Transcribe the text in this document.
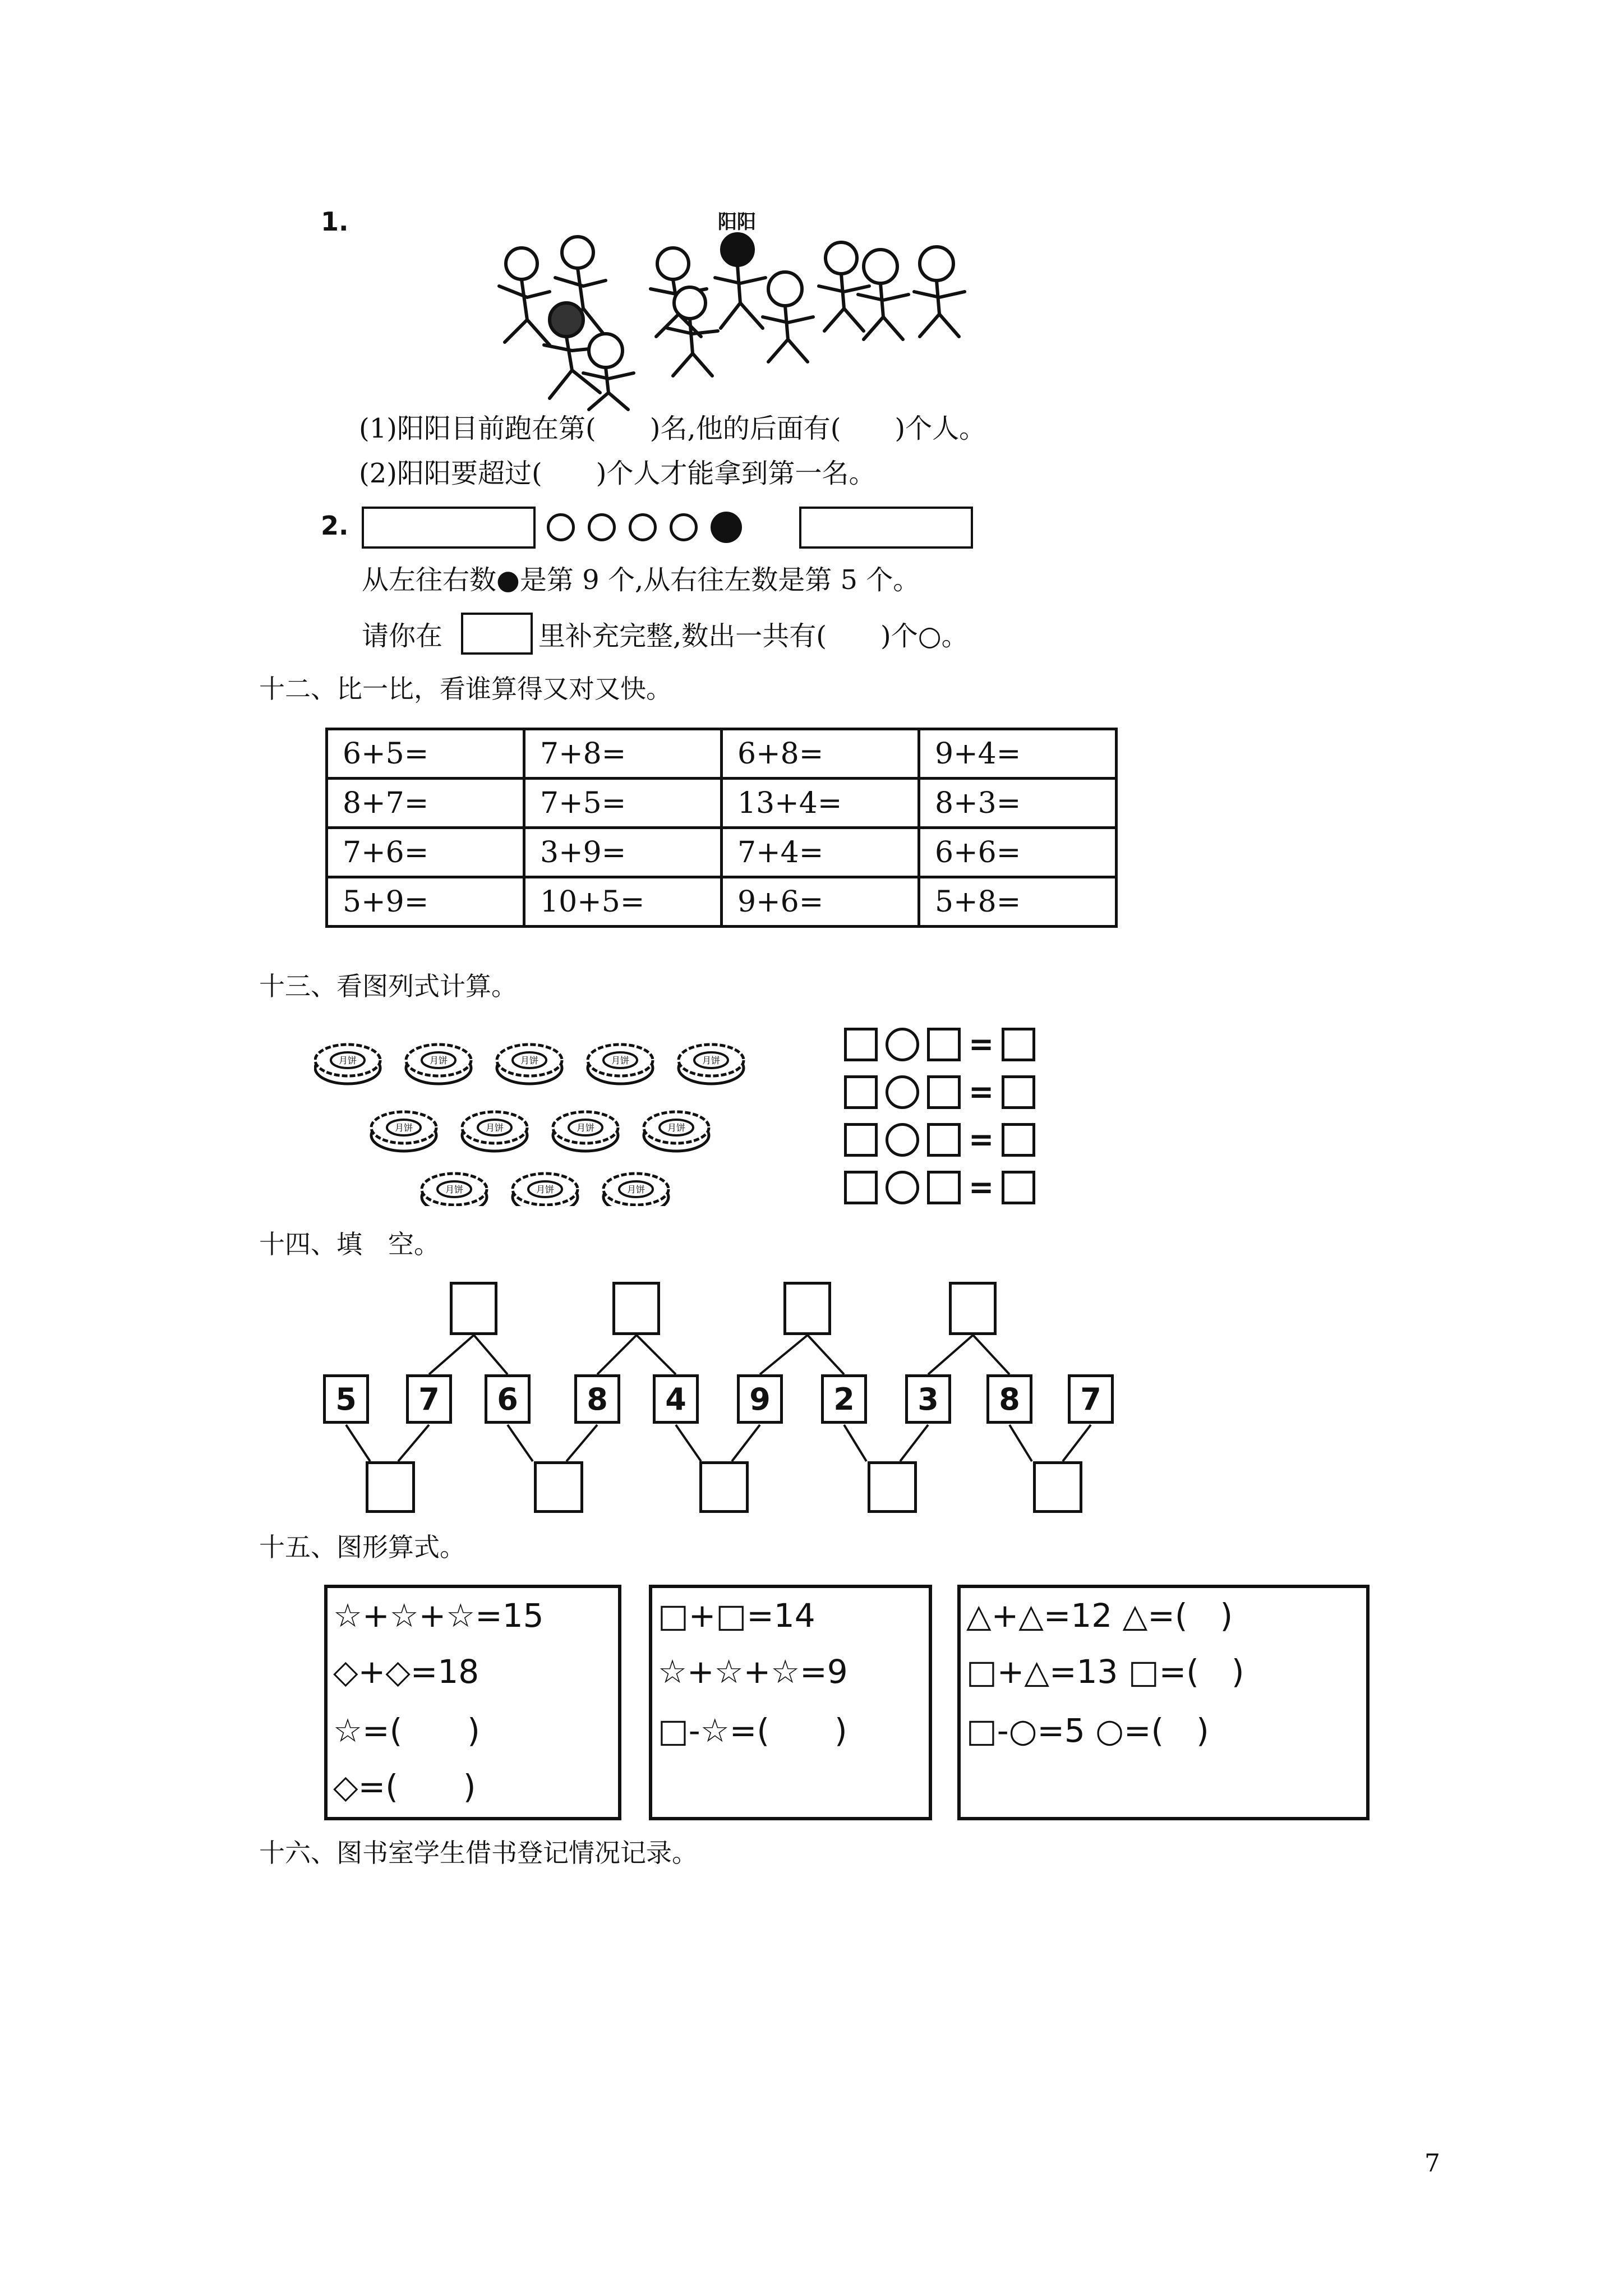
1.	阳阳
(1)阳阳目前跑在第(　　)名,他的后面有(　　)个人。
(2)阳阳要超过(　　)个人才能拿到第一名。
2.
从左往右数●是第 9 个,从右往左数是第 5 个。
请你在	里补充完整,数出一共有(　　)个○。
十二、比一比，看谁算得又对又快。
6+5=	7+8=	6+8=	9+4=
8+7=	7+5=	13+4=	8+3=
7+6=	3+9=	7+4=	6+6=
5+9=	10+5=	9+6=	5+8=
十三、看图列式计算。
月饼	月饼	月饼	月饼	月饼
月饼	月饼	月饼	月饼
月饼	月饼	月饼
=
=
=
=
十四、填　空。
5	7	6	8	4	9	2	3	8	7
十五、图形算式。
☆+☆+☆=15
◇+◇=18
☆=(　　)
◇=(　　)
□+□=14
☆+☆+☆=9
□-☆=(　　)
△+△=12 △=(　)
□+△=13 □=(　)
□-○=5 ○=(　)
十六、图书室学生借书登记情况记录。
7
